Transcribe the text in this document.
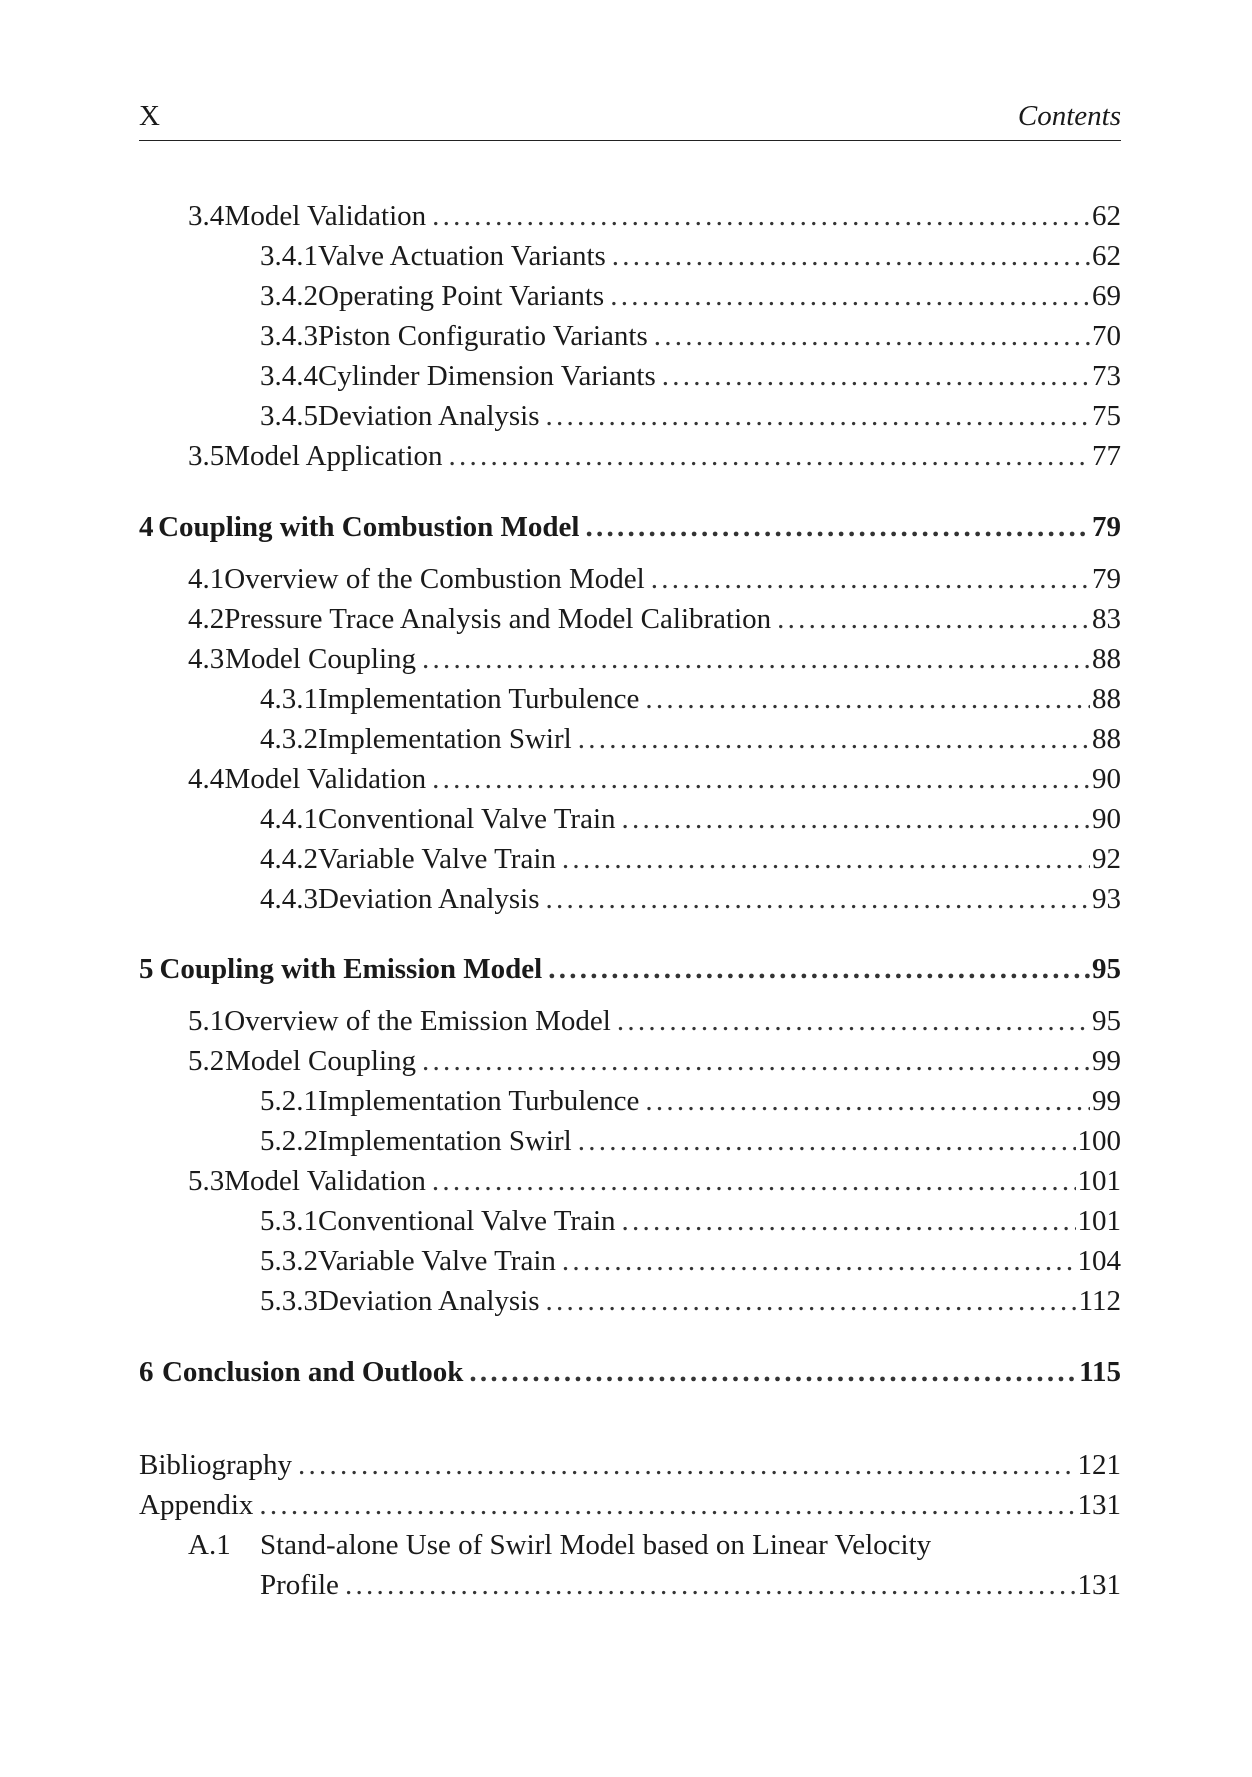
X	Contents
3.4 Model Validation . . .	62
3.4.1 Valve Actuation Variants . . .	62
3.4.2 Operating Point Variants . . .	69
3.4.3 Piston Configuratio Variants . . .	70
3.4.4 Cylinder Dimension Variants . . .	73
3.4.5 Deviation Analysis . . .	75
3.5 Model Application . . .	77
4 Coupling with Combustion Model . . .	79
4.1 Overview of the Combustion Model . . .	79
4.2 Pressure Trace Analysis and Model Calibration . . .	83
4.3 Model Coupling . . .	88
4.3.1 Implementation Turbulence . . .	88
4.3.2 Implementation Swirl . . .	88
4.4 Model Validation . . .	90
4.4.1 Conventional Valve Train . . .	90
4.4.2 Variable Valve Train . . .	92
4.4.3 Deviation Analysis . . .	93
5 Coupling with Emission Model . . .	95
5.1 Overview of the Emission Model . . .	95
5.2 Model Coupling . . .	99
5.2.1 Implementation Turbulence . . .	99
5.2.2 Implementation Swirl . . .	100
5.3 Model Validation . . .	101
5.3.1 Conventional Valve Train . . .	101
5.3.2 Variable Valve Train . . .	104
5.3.3 Deviation Analysis . . .	112
6 Conclusion and Outlook . . .	115
Bibliography . . .	121
Appendix . . .	131
A.1	Stand-alone Use of Swirl Model based on Linear Velocity
Profile . . .	131
